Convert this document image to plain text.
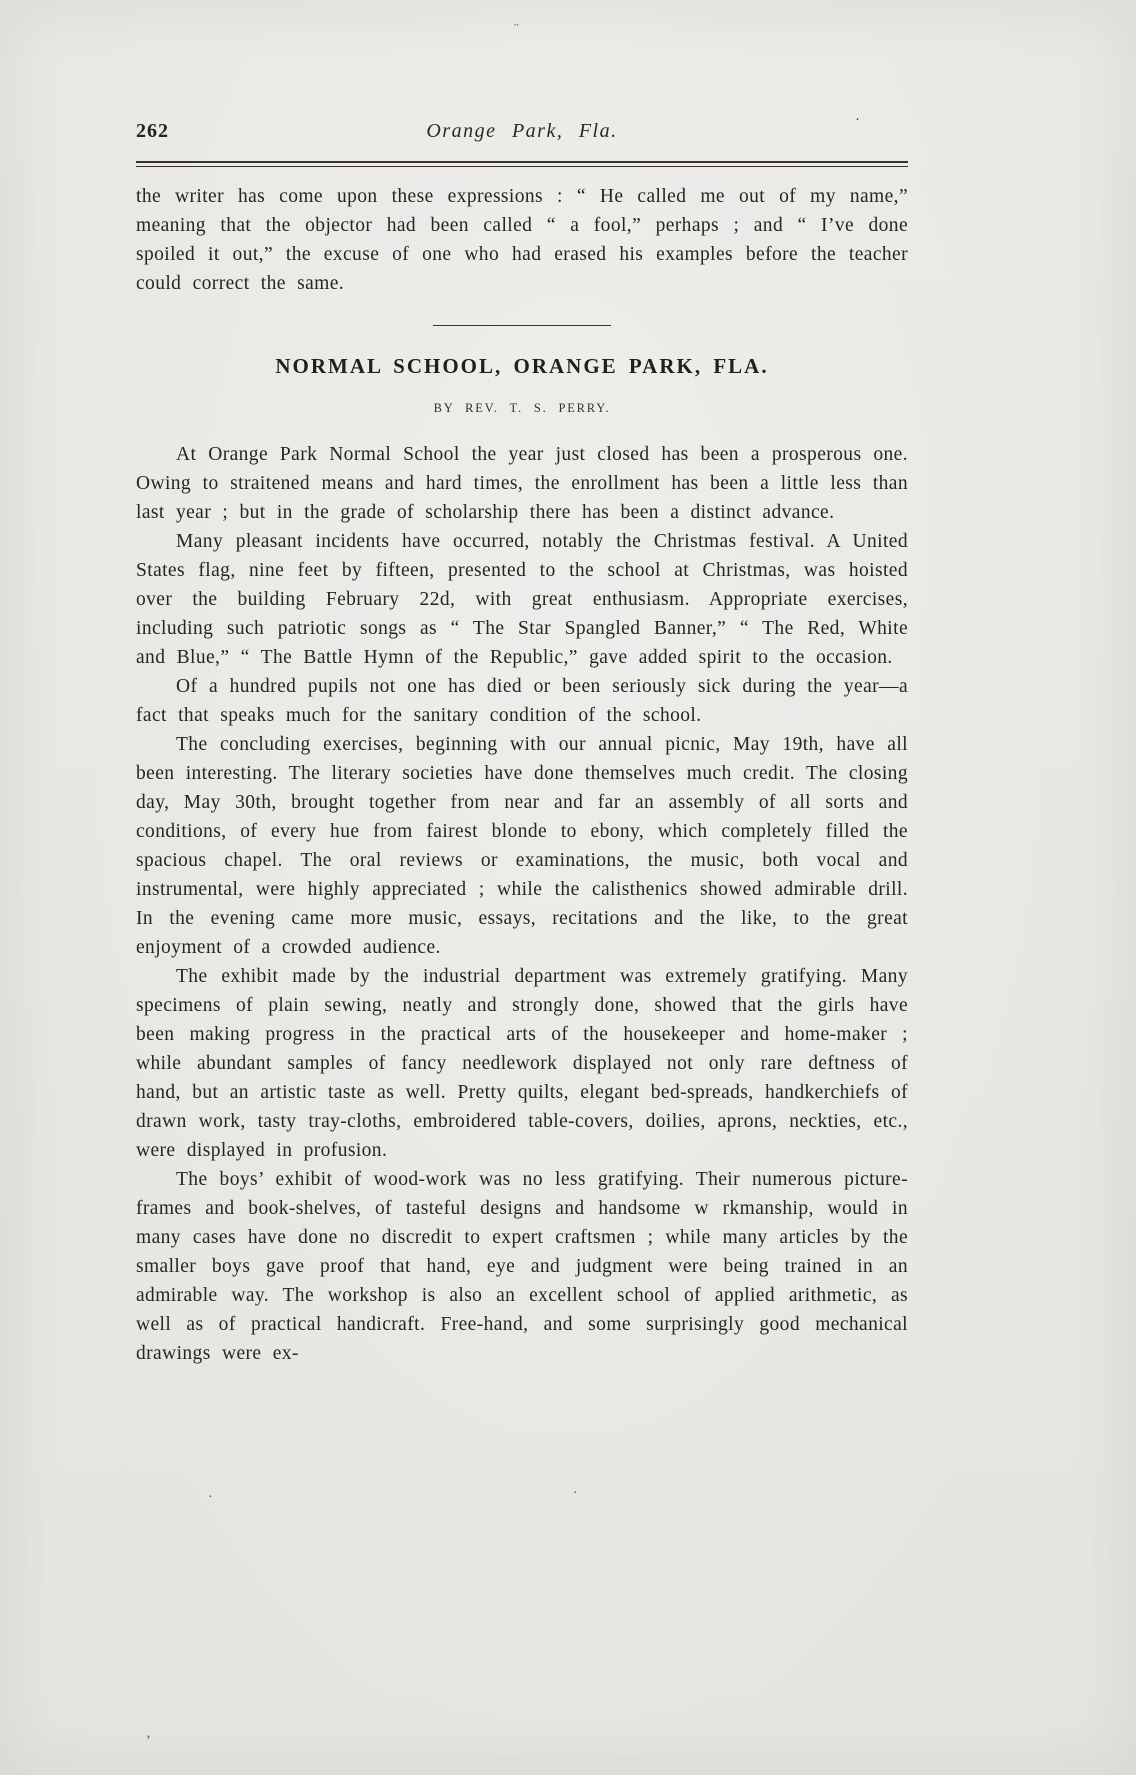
¨
262	Orange Park, Fla.	·

the writer has come upon these expressions : “ He called me out of my name,” meaning that the objector had been called “ a fool,” perhaps ; and “ I’ve done spoiled it out,” the excuse of one who had erased his examples before the teacher could correct the same.

NORMAL SCHOOL, ORANGE PARK, FLA.
BY REV. T. S. PERRY.

At Orange Park Normal School the year just closed has been a prosperous one. Owing to straitened means and hard times, the enrollment has been a little less than last year ; but in the grade of scholarship there has been a distinct advance.

Many pleasant incidents have occurred, notably the Christmas festival. A United States flag, nine feet by fifteen, presented to the school at Christmas, was hoisted over the building February 22d, with great enthusiasm. Appropriate exercises, including such patriotic songs as “ The Star Spangled Banner,” “ The Red, White and Blue,” “ The Battle Hymn of the Republic,” gave added spirit to the occasion.

Of a hundred pupils not one has died or been seriously sick during the year—a fact that speaks much for the sanitary condition of the school.

The concluding exercises, beginning with our annual picnic, May 19th, have all been interesting. The literary societies have done themselves much credit. The closing day, May 30th, brought together from near and far an assembly of all sorts and conditions, of every hue from fairest blonde to ebony, which completely filled the spacious chapel. The oral reviews or examinations, the music, both vocal and instrumental, were highly appreciated ; while the calisthenics showed admirable drill. In the evening came more music, essays, recitations and the like, to the great enjoyment of a crowded audience.

The exhibit made by the industrial department was extremely gratifying. Many specimens of plain sewing, neatly and strongly done, showed that the girls have been making progress in the practical arts of the housekeeper and home-maker ; while abundant samples of fancy needlework displayed not only rare deftness of hand, but an artistic taste as well. Pretty quilts, elegant bed-spreads, handkerchiefs of drawn work, tasty tray-cloths, embroidered table-covers, doilies, aprons, neckties, etc., were displayed in profusion.

The boys’ exhibit of wood-work was no less gratifying. Their numerous picture-frames and book-shelves, of tasteful designs and handsome w rkmanship, would in many cases have done no discredit to expert craftsmen ; while many articles by the smaller boys gave proof that hand, eye and judgment were being trained in an admirable way. The workshop is also an excellent school of applied arithmetic, as well as of practical handicraft. Free-hand, and some surprisingly good mechanical drawings were ex-

·	·
‚
